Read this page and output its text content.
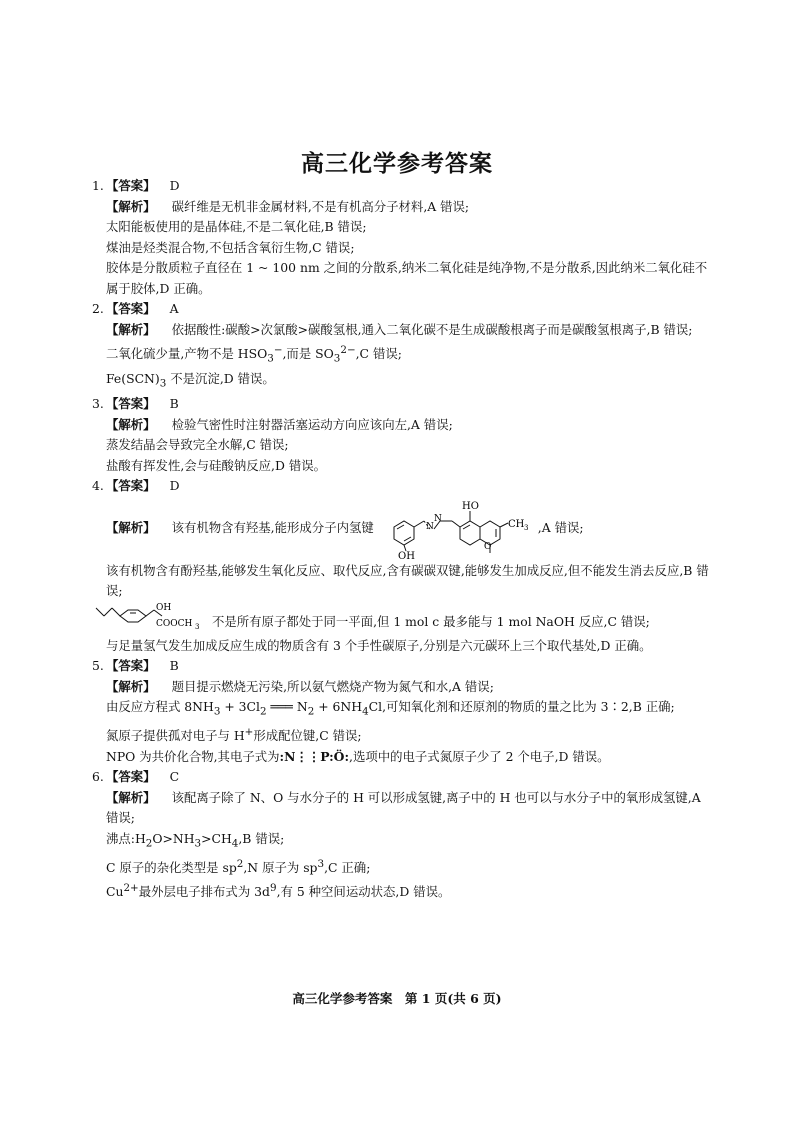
高三化学参考答案
1. 【答案】 D

【解析】 碳纤维是无机非金属材料,不是有机高分子材料,A 错误;

太阳能板使用的是晶体硅,不是二氧化硅,B 错误;

煤油是烃类混合物,不包括含氧衍生物,C 错误;

胶体是分散质粒子直径在 1 ~ 100 nm 之间的分散系,纳米二氧化硅是纯净物,不是分散系,因此纳米二氧化硅不属于胶体,D 正确。

2. 【答案】 A

【解析】 依据酸性:碳酸>次氯酸>碳酸氢根,通入二氧化碳不是生成碳酸根离子而是碳酸氢根离子,B 错误;

二氧化硫少量,产物不是 $HSO_3^-$,而是 $SO_3^{2-},C$ 错误;

$Fe(SCN)_3$ 不是沉淀,D 错误。

3. 【答案】 B

【解析】 检验气密性时注射器活塞运动方向应该向左,A 错误;

蒸发结晶会导致完全水解,C 错误;

盐酸有挥发性,会与硅酸钠反应,D 错误。

4. 【答案】 D
【解析】 该有机物含有羟基,能形成分子内氢键
HO
OH
N
N
O
CH 3 ,A 错误;

该有机物含有酚羟基,能够发生氧化反应、取代反应,含有碳碳双键,能够发生加成反应,但不能发生消去反应,B 错误;

OH
COOCH 3 不是所有原子都处于同一平面,但 1 mol c 最多能与 1 mol NaOH 反应,C 错误;

与足量氢气发生加成反应生成的物质含有 3 个手性碳原子,分别是六元碳环上三个取代基处,D 正确。

5. 【答案】 B

【解析】 题目提示燃烧无污染,所以氨气燃烧产物为氮气和水,A 错误;

由反应方程式 $8NH_3 + 3Cl_2$ ═══ $N_2 + 6NH_4Cl$,可知氧化剂和还原剂的物质的量之比为 3∶2,B 正确;

氮原子提供孤对电子与 H+形成配位键,C 错误;

NPO 为共价化合物,其电子式为:N⋮⋮P:Ö:,选项中的电子式氮原子少了 2 个电子,D 错误。

6. 【答案】 C

【解析】 该配离子除了 N、O 与水分子的 H 可以形成氢键,离子中的 H 也可以与水分子中的氧形成氢键,A 错误;

沸点$:H_2O>NH_3>CH_4,B$ 错误;

C 原子的杂化类型是 $sp^2,N$ 原子为 $sp^3,C$ 正确;

$Cu^{2+}$最外层电子排布式为 $3d^9$,有 5 种空间运动状态,D 错误。

高三化学参考答案　第 1 页(共 6 页)
